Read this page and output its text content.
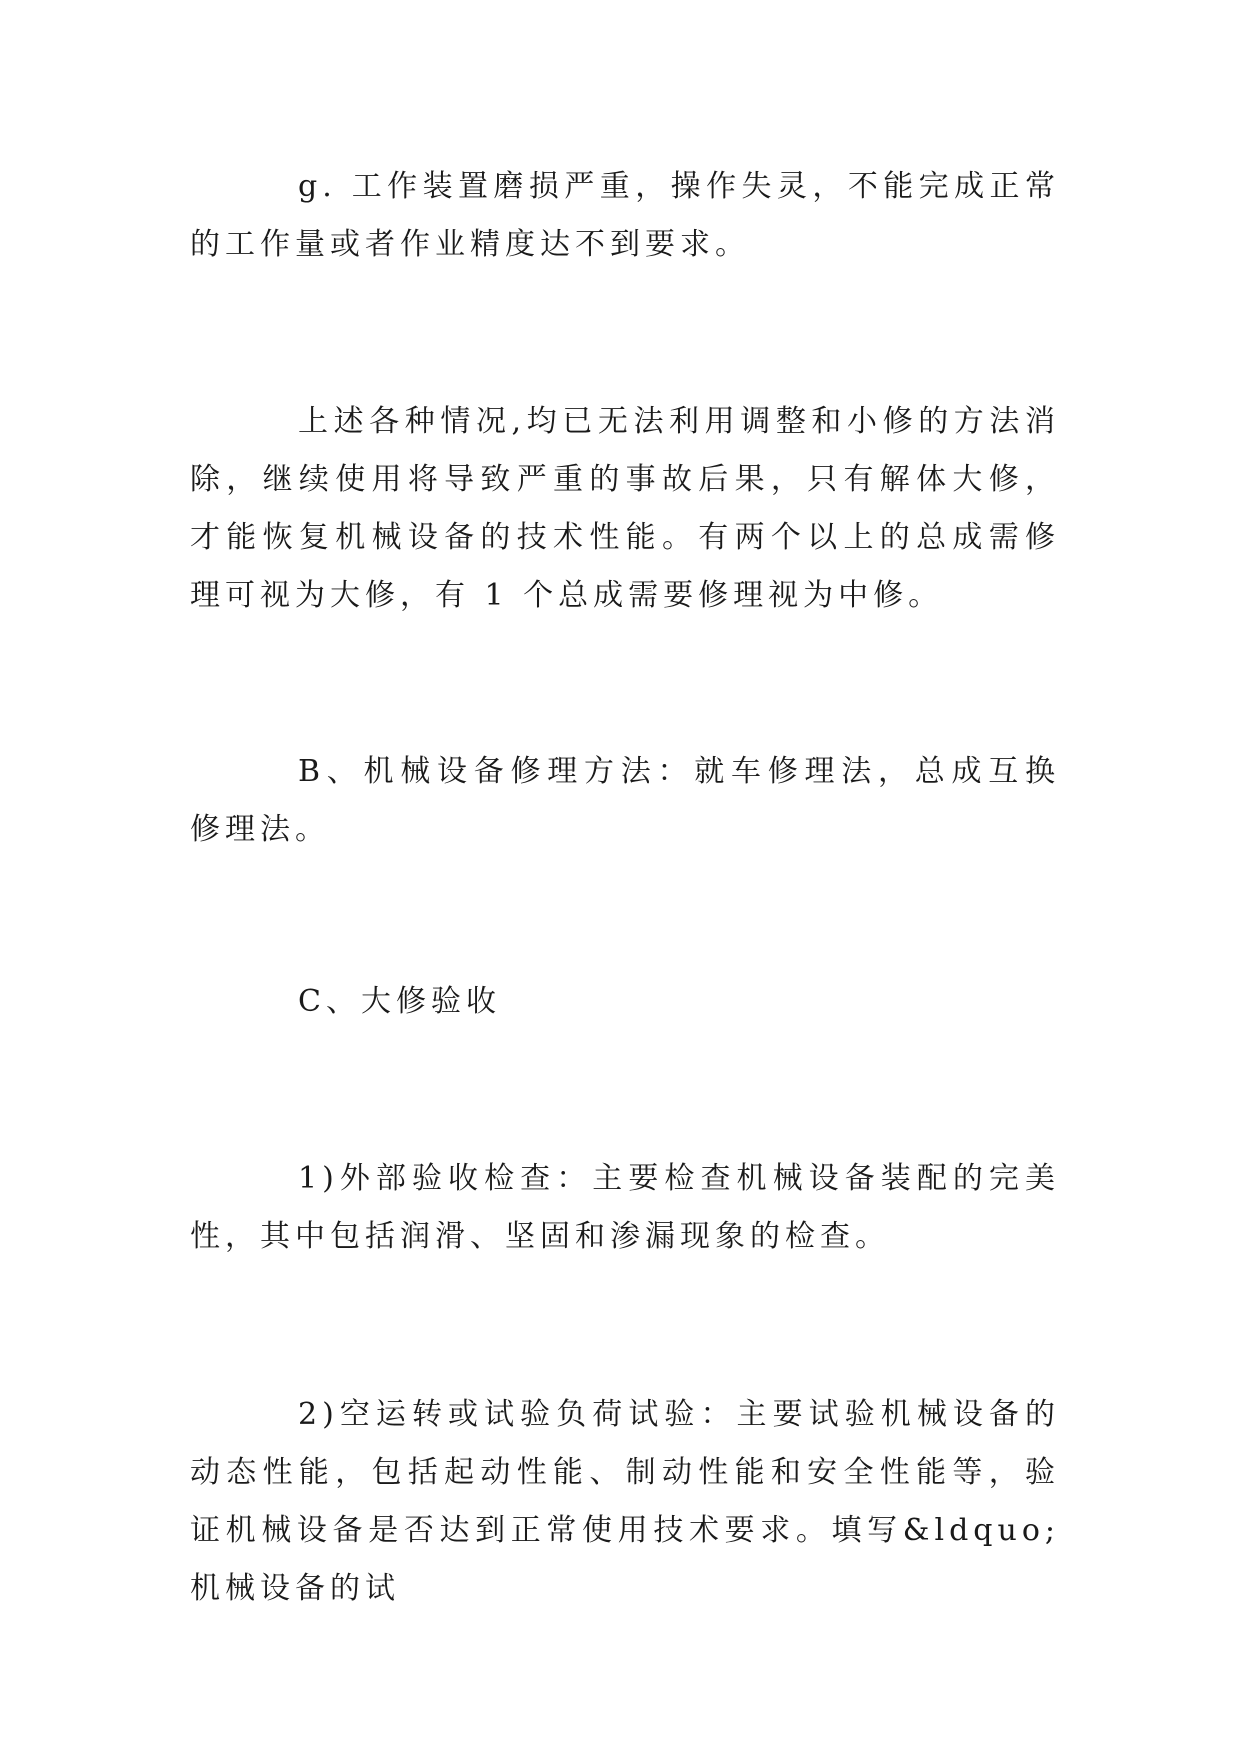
g. 工作装置磨损严重，操作失灵，不能完成正常的工作量或者作业精度达不到要求。

上述各种情况,均已无法利用调整和小修的方法消除，继续使用将导致严重的事故后果，只有解体大修，才能恢复机械设备的技术性能。有两个以上的总成需修理可视为大修，有 1 个总成需要修理视为中修。

B、机械设备修理方法：就车修理法，总成互换修理法。

C、大修验收

1)外部验收检查：主要检查机械设备装配的完美性，其中包括润滑、坚固和渗漏现象的检查。

2)空运转或试验负荷试验：主要试验机械设备的动态性能，包括起动性能、制动性能和安全性能等，验证机械设备是否达到正常使用技术要求。填写&ldquo;机械设备的试
